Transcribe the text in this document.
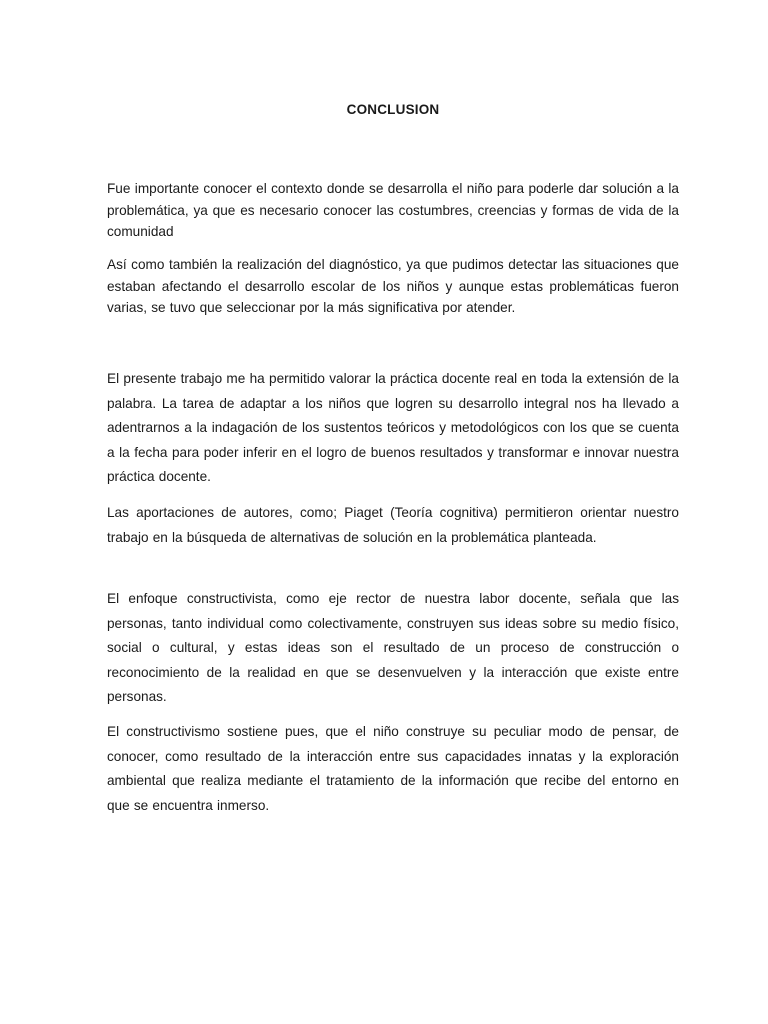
CONCLUSION

Fue importante conocer el contexto donde se desarrolla el niño para poderle dar solución a la problemática, ya que es necesario conocer las costumbres, creencias y formas de vida de la comunidad

Así como también la realización del diagnóstico, ya que pudimos detectar las situaciones que estaban afectando el desarrollo escolar de los niños y aunque estas problemáticas fueron varias, se tuvo que seleccionar por la más significativa por atender.

El presente trabajo me ha permitido valorar la práctica docente real en toda la extensión de la palabra. La tarea de adaptar a los niños que logren su desarrollo integral nos ha llevado a adentrarnos a la indagación de los sustentos teóricos y metodológicos con los que se cuenta a la fecha para poder inferir en el logro de buenos resultados y transformar e innovar nuestra práctica docente.

Las aportaciones de autores, como; Piaget (Teoría cognitiva) permitieron orientar nuestro trabajo en la búsqueda de alternativas de solución en la problemática planteada.

El enfoque constructivista, como eje rector de nuestra labor docente, señala que las personas, tanto individual como colectivamente, construyen sus ideas sobre su medio físico, social o cultural, y estas ideas son el resultado de un proceso de construcción o reconocimiento de la realidad en que se desenvuelven y la interacción que existe entre personas.

El constructivismo sostiene pues, que el niño construye su peculiar modo de pensar, de conocer, como resultado de la interacción entre sus capacidades innatas y la exploración ambiental que realiza mediante el tratamiento de la información que recibe del entorno en que se encuentra inmerso.
